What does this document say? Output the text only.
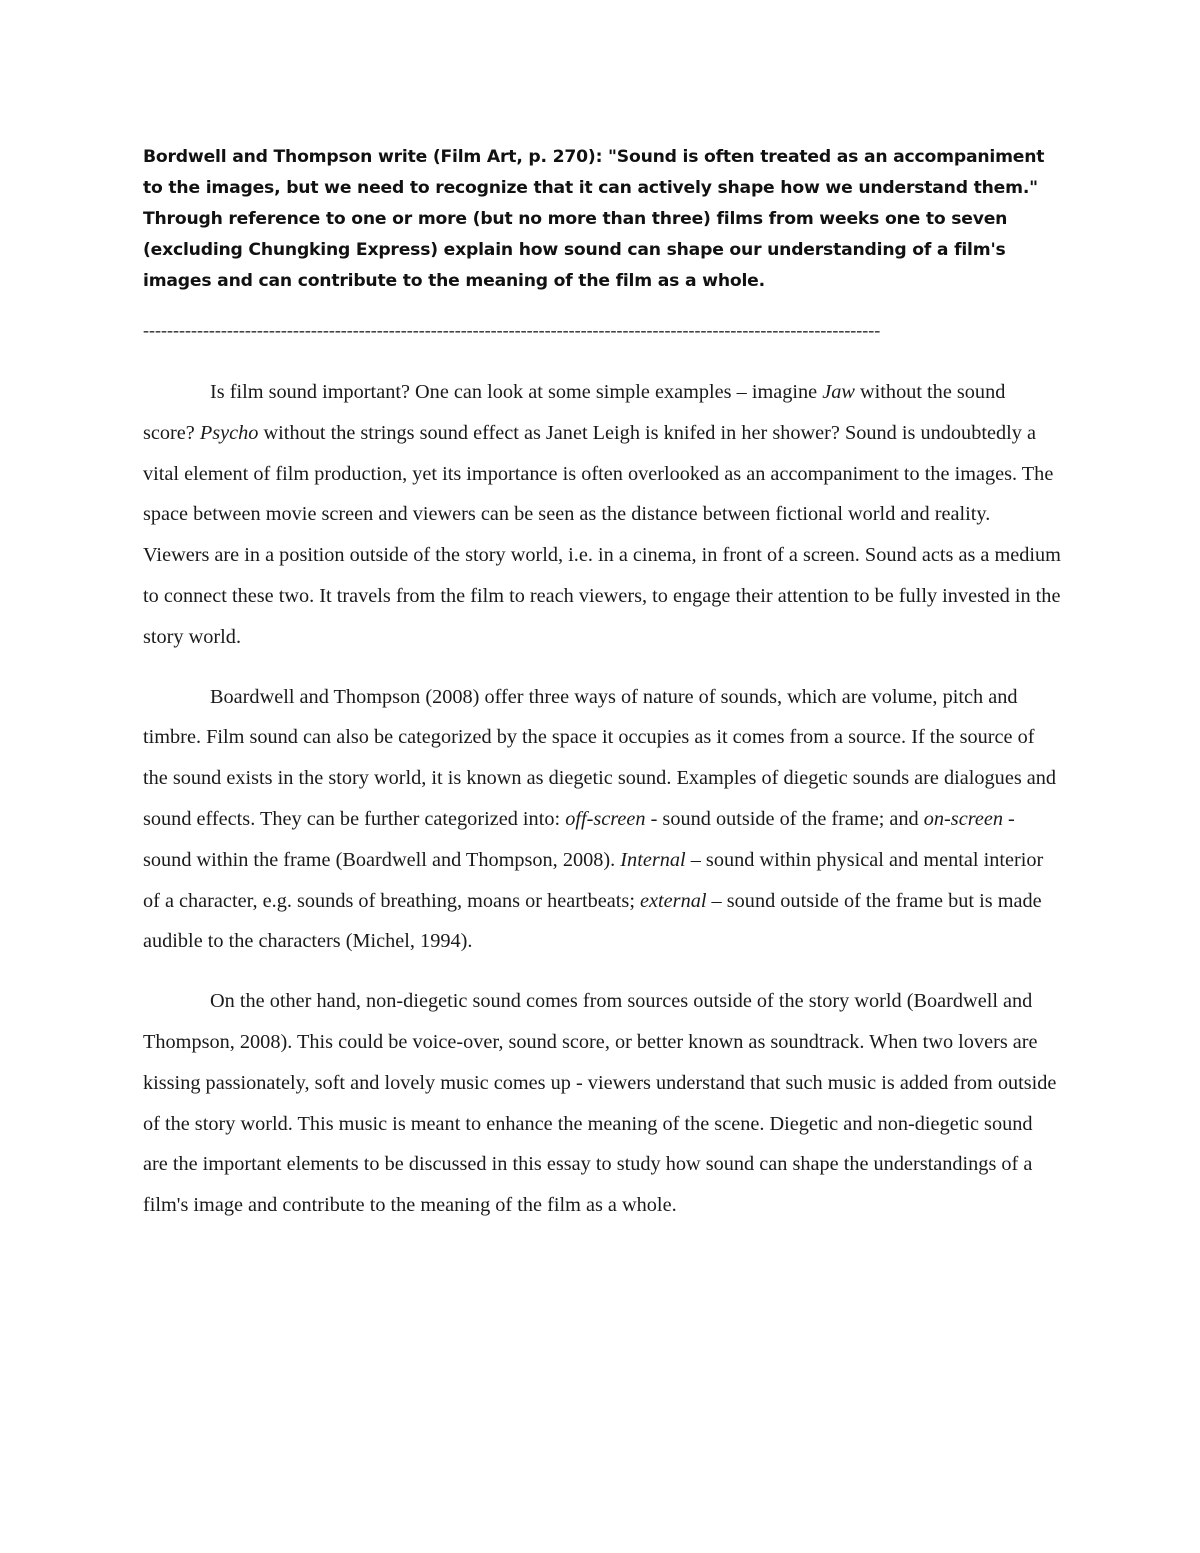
Bordwell and Thompson write (Film Art, p. 270): "Sound is often treated as an accompaniment to the images, but we need to recognize that it can actively shape how we understand them." Through reference to one or more (but no more than three) films from weeks one to seven (excluding Chungking Express) explain how sound can shape our understanding of a film's images and can contribute to the meaning of the film as a whole.

---------------------------------------------------------------------------------------------------------------------------

Is film sound important? One can look at some simple examples – imagine Jaw without the sound score? Psycho without the strings sound effect as Janet Leigh is knifed in her shower? Sound is undoubtedly a vital element of film production, yet its importance is often overlooked as an accompaniment to the images. The space between movie screen and viewers can be seen as the distance between fictional world and reality. Viewers are in a position outside of the story world, i.e. in a cinema, in front of a screen. Sound acts as a medium to connect these two. It travels from the film to reach viewers, to engage their attention to be fully invested in the story world.

Boardwell and Thompson (2008) offer three ways of nature of sounds, which are volume, pitch and timbre. Film sound can also be categorized by the space it occupies as it comes from a source. If the source of the sound exists in the story world, it is known as diegetic sound. Examples of diegetic sounds are dialogues and sound effects. They can be further categorized into: off-screen - sound outside of the frame; and on-screen - sound within the frame (Boardwell and Thompson, 2008). Internal – sound within physical and mental interior of a character, e.g. sounds of breathing, moans or heartbeats; external – sound outside of the frame but is made audible to the characters (Michel, 1994).

On the other hand, non-diegetic sound comes from sources outside of the story world (Boardwell and Thompson, 2008). This could be voice-over, sound score, or better known as soundtrack. When two lovers are kissing passionately, soft and lovely music comes up - viewers understand that such music is added from outside of the story world. This music is meant to enhance the meaning of the scene. Diegetic and non-diegetic sound are the important elements to be discussed in this essay to study how sound can shape the understandings of a film's image and contribute to the meaning of the film as a whole.
